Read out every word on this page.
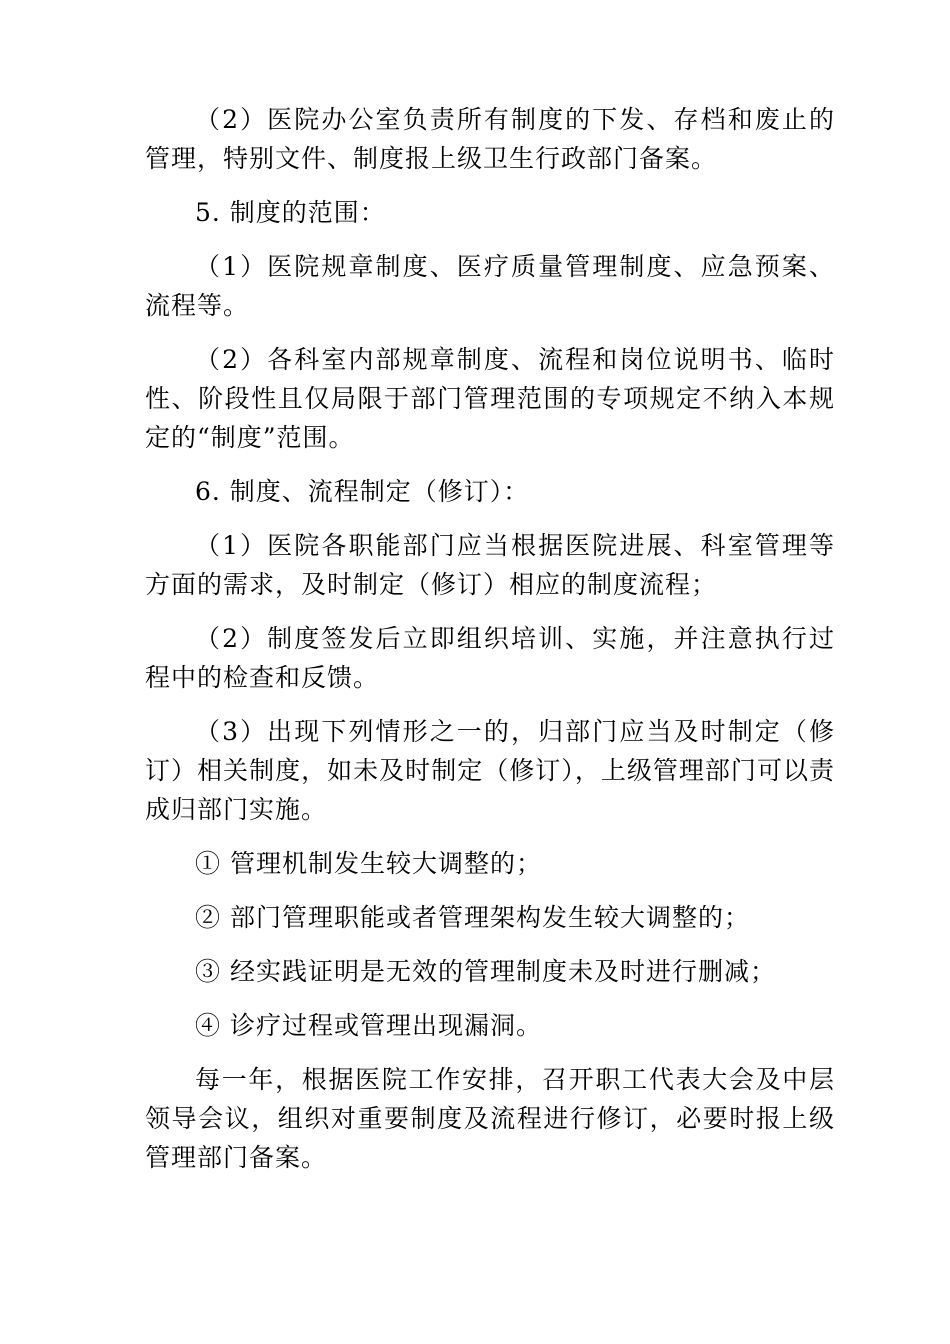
（2）医院办公室负责所有制度的下发、存档和废止的管理，特别文件、制度报上级卫生行政部门备案。

5. 制度的范围：

（1）医院规章制度、医疗质量管理制度、应急预案、流程等。

（2）各科室内部规章制度、流程和岗位说明书、临时性、阶段性且仅局限于部门管理范围的专项规定不纳入本规定的“制度”范围。

6. 制度、流程制定（修订）：

（1）医院各职能部门应当根据医院进展、科室管理等方面的需求，及时制定（修订）相应的制度流程；

（2）制度签发后立即组织培训、实施，并注意执行过程中的检查和反馈。

（3）出现下列情形之一的，归部门应当及时制定（修订）相关制度，如未及时制定（修订），上级管理部门可以责成归部门实施。

① 管理机制发生较大调整的；

② 部门管理职能或者管理架构发生较大调整的；

③ 经实践证明是无效的管理制度未及时进行删减；

④ 诊疗过程或管理出现漏洞。

每一年，根据医院工作安排，召开职工代表大会及中层领导会议，组织对重要制度及流程进行修订，必要时报上级管理部门备案。
